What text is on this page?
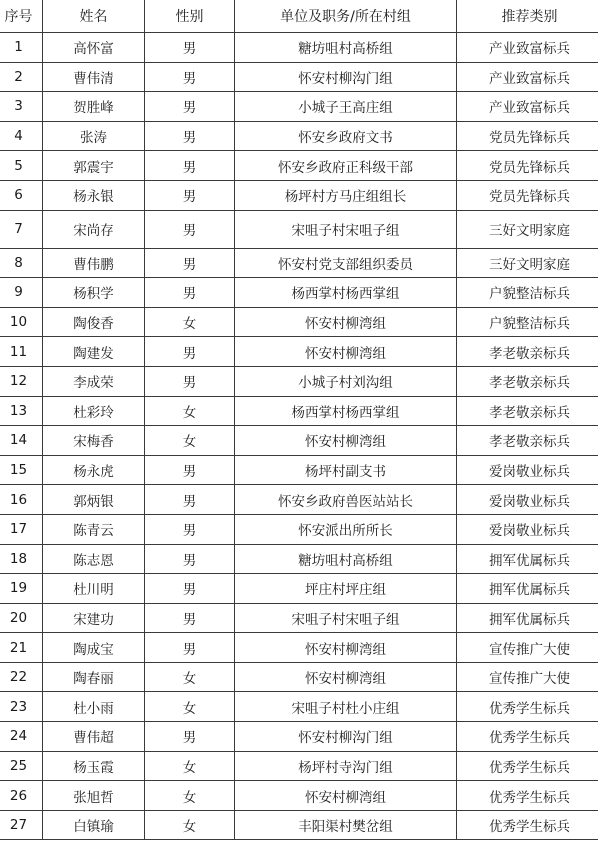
序号	姓名	性别	单位及职务/所在村组	推荐类别
1	高怀富	男	糖坊咀村高桥组	产业致富标兵
2	曹伟清	男	怀安村柳沟门组	产业致富标兵
3	贺胜峰	男	小城子王高庄组	产业致富标兵
4	张涛	男	怀安乡政府文书	党员先锋标兵
5	郭震宇	男	怀安乡政府正科级干部	党员先锋标兵
6	杨永银	男	杨坪村方马庄组组长	党员先锋标兵
7	宋尚存	男	宋咀子村宋咀子组	三好文明家庭
8	曹伟鹏	男	怀安村党支部组织委员	三好文明家庭
9	杨积学	男	杨西掌村杨西掌组	户貌整洁标兵
10	陶俊香	女	怀安村柳湾组	户貌整洁标兵
11	陶建发	男	怀安村柳湾组	孝老敬亲标兵
12	李成荣	男	小城子村刘沟组	孝老敬亲标兵
13	杜彩玲	女	杨西掌村杨西掌组	孝老敬亲标兵
14	宋梅香	女	怀安村柳湾组	孝老敬亲标兵
15	杨永虎	男	杨坪村副支书	爱岗敬业标兵
16	郭炳银	男	怀安乡政府兽医站站长	爱岗敬业标兵
17	陈青云	男	怀安派出所所长	爱岗敬业标兵
18	陈志恩	男	糖坊咀村高桥组	拥军优属标兵
19	杜川明	男	坪庄村坪庄组	拥军优属标兵
20	宋建功	男	宋咀子村宋咀子组	拥军优属标兵
21	陶成宝	男	怀安村柳湾组	宣传推广大使
22	陶春丽	女	怀安村柳湾组	宣传推广大使
23	杜小雨	女	宋咀子村杜小庄组	优秀学生标兵
24	曹伟超	男	怀安村柳沟门组	优秀学生标兵
25	杨玉霞	女	杨坪村寺沟门组	优秀学生标兵
26	张旭哲	女	怀安村柳湾组	优秀学生标兵
27	白镇瑜	女	丰阳渠村樊岔组	优秀学生标兵
